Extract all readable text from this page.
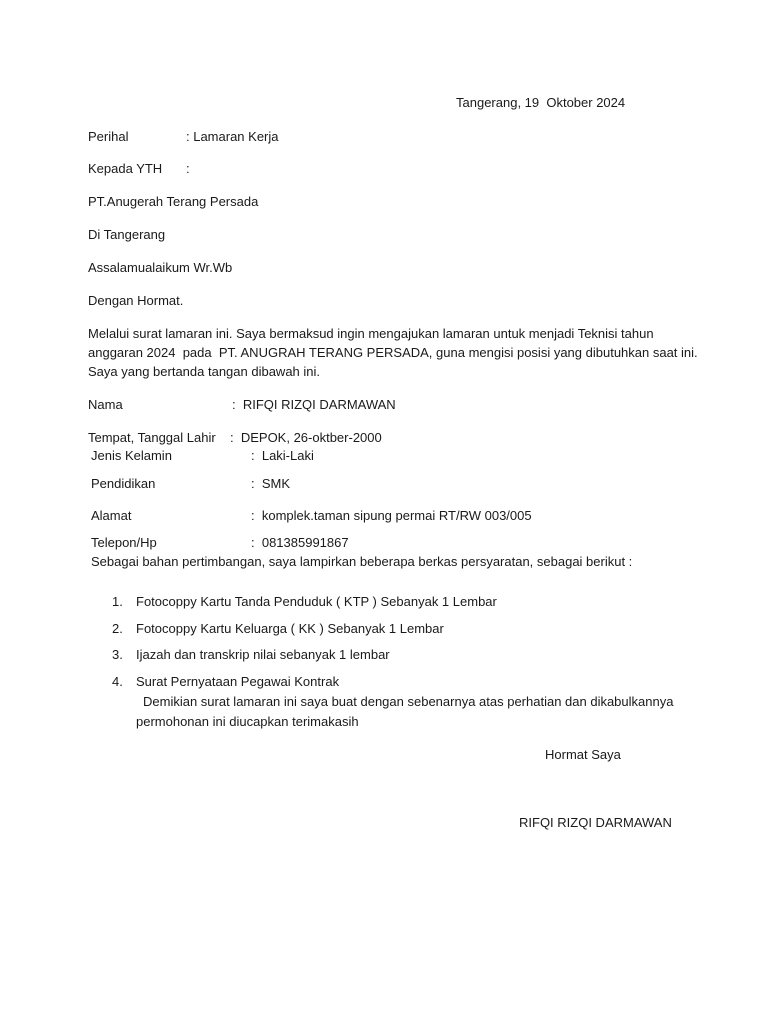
Tangerang, 19  Oktober 2024
Perihal	: Lamaran Kerja
Kepada YTH :
PT.Anugerah Terang Persada
Di Tangerang
Assalamualaikum Wr.Wb
Dengan Hormat.
Melalui surat lamaran ini. Saya bermaksud ingin mengajukan lamaran untuk menjadi Teknisi tahun
anggaran 2024  pada  PT. ANUGRAH TERANG PERSADA, guna mengisi posisi yang dibutuhkan saat ini.
Saya yang bertanda tangan dibawah ini.
Nama	:  RIFQI RIZQI DARMAWAN
Tempat, Tanggal Lahir :  DEPOK, 26-oktber-2000
Jenis Kelamin	:  Laki-Laki
Pendidikan	:  SMK
Alamat	:  komplek.taman sipung permai RT/RW 003/005
Telepon/Hp	:  081385991867
Sebagai bahan pertimbangan, saya lampirkan beberapa berkas persyaratan, sebagai berikut :
1. Fotocoppy Kartu Tanda Penduduk ( KTP ) Sebanyak 1 Lembar
2. Fotocoppy Kartu Keluarga ( KK ) Sebanyak 1 Lembar
3. Ijazah dan transkrip nilai sebanyak 1 lembar
4. Surat Pernyataan Pegawai Kontrak
Demikian surat lamaran ini saya buat dengan sebenarnya atas perhatian dan dikabulkannya
permohonan ini diucapkan terimakasih
Hormat Saya
RIFQI RIZQI DARMAWAN
